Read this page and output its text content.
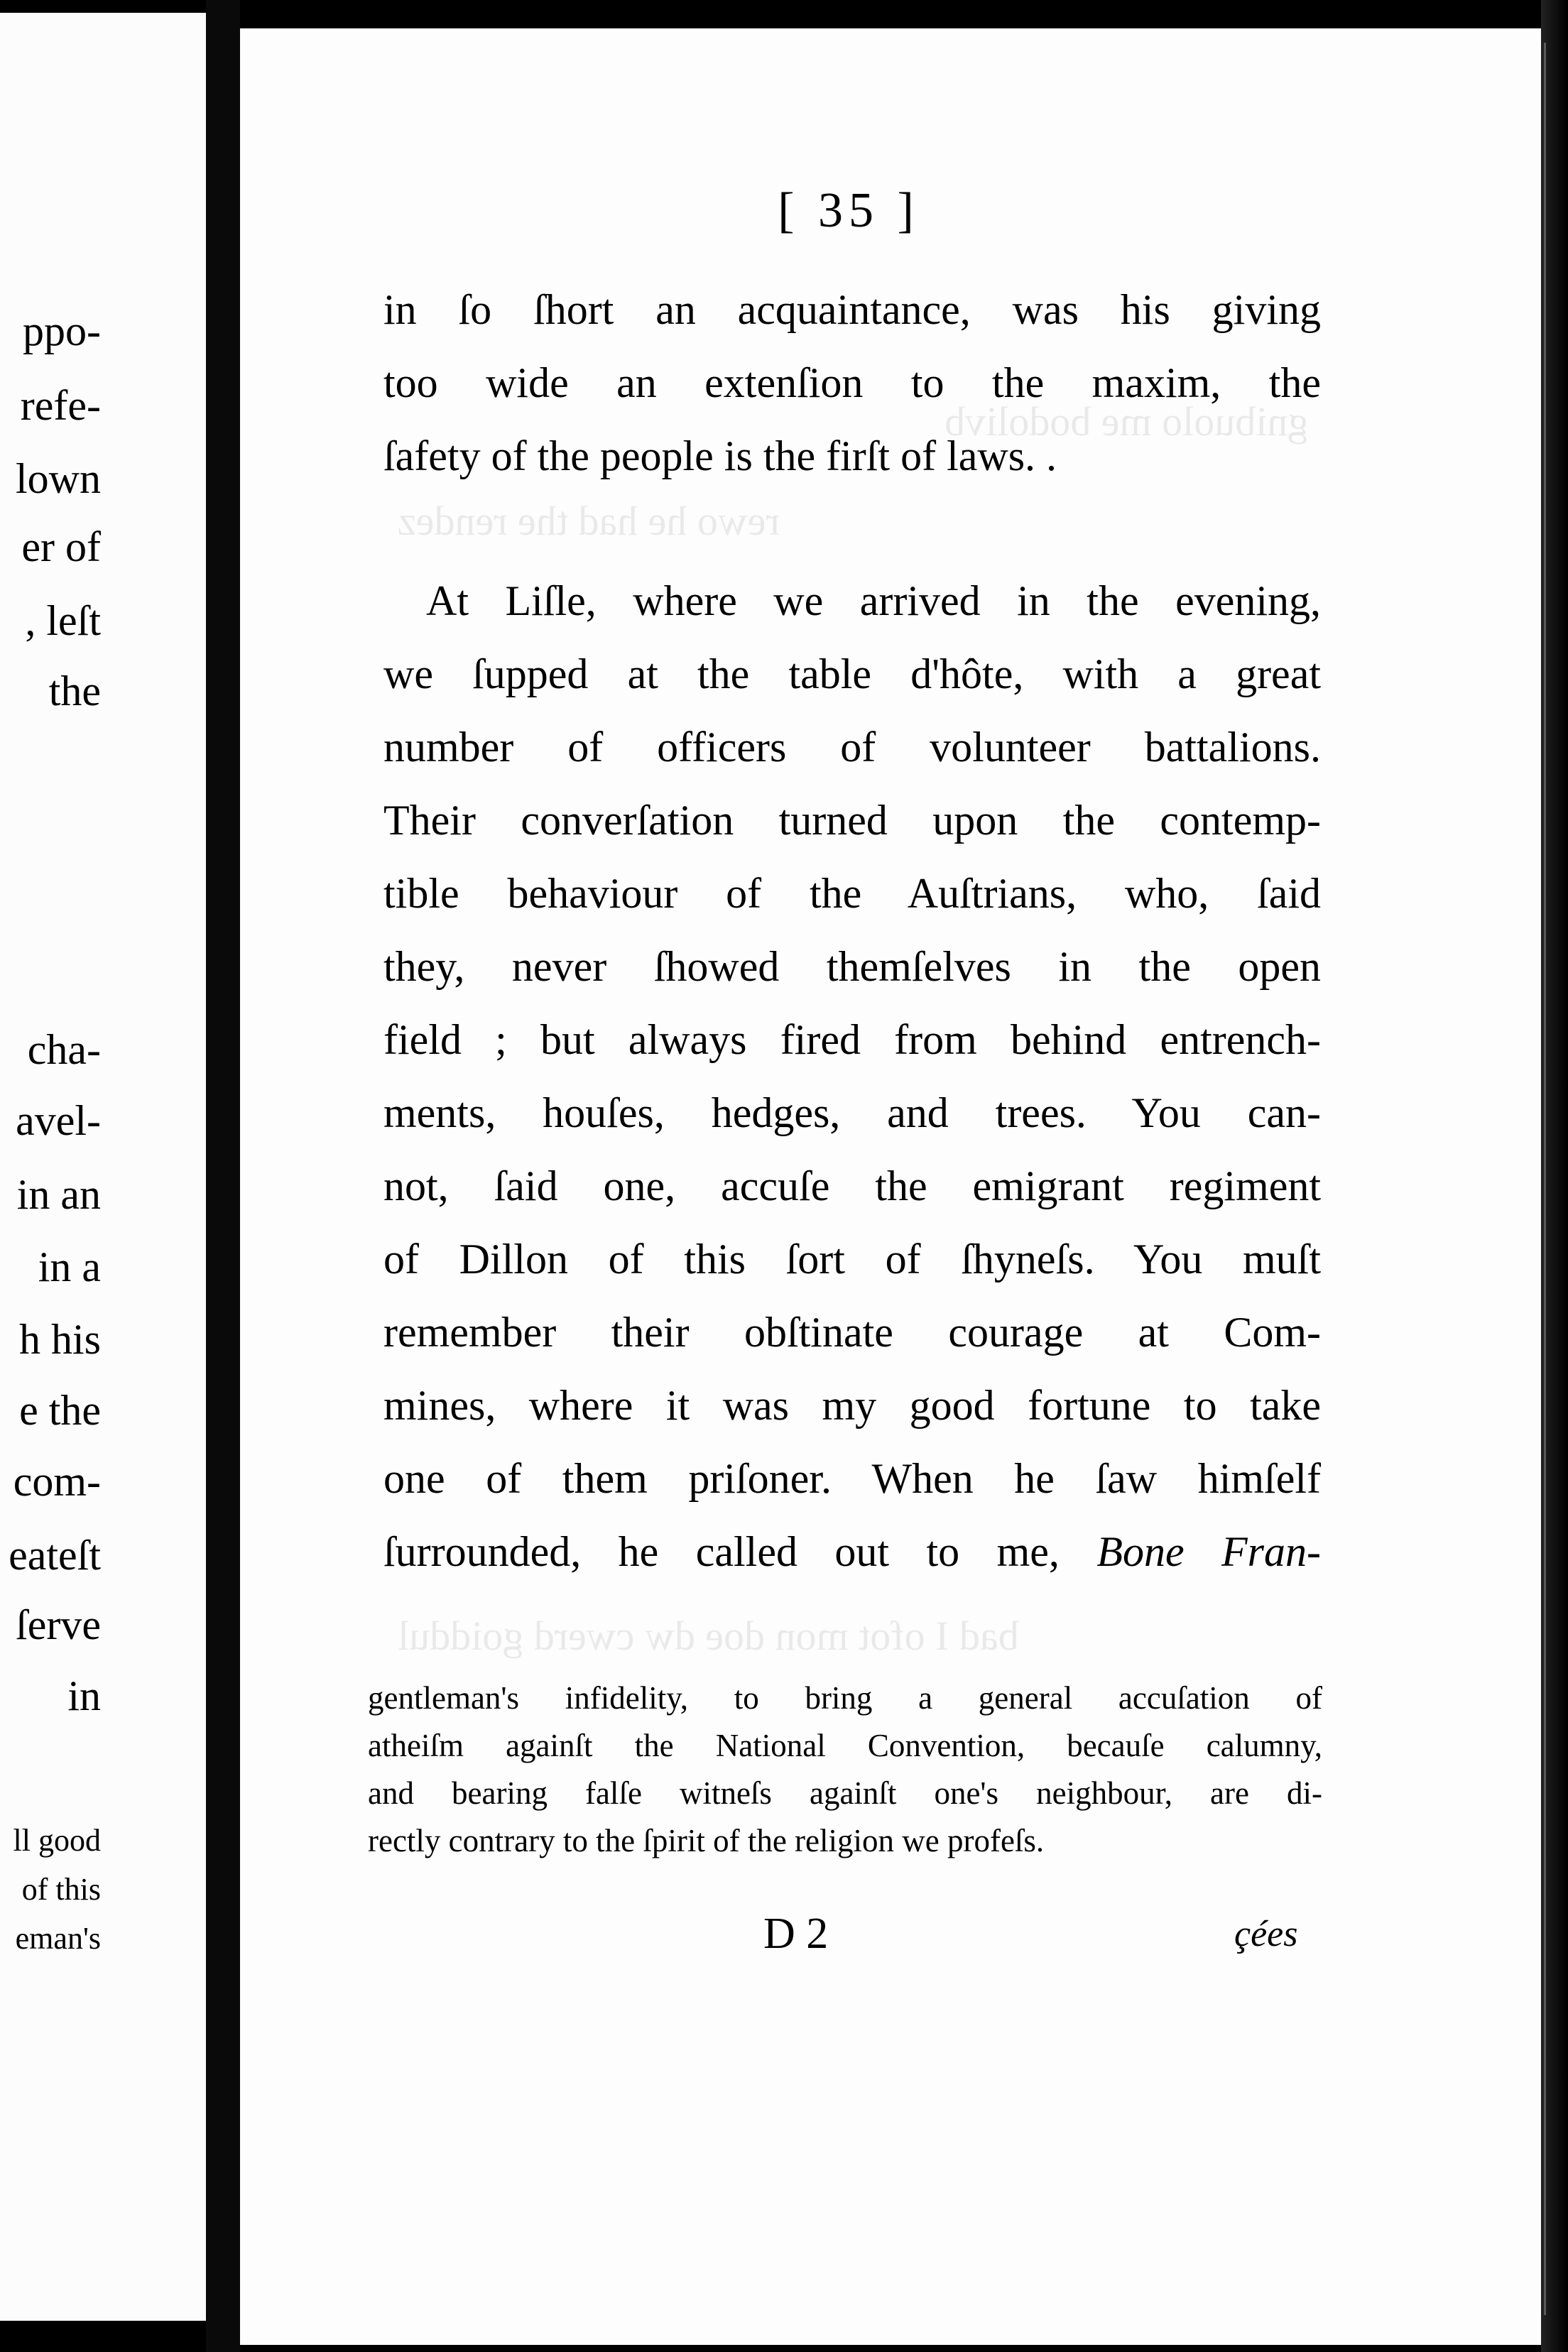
ppo-
refe-
lown
er of
, leſt
the
cha-
avel-
in an
in a
h his
e the
com-
eateſt
ſerve
in
ll good
of this
eman's
gnibuolo me bodolivb
rewo he had the rendez
bad I ofot mon doe dw cwerd goiddul
[ 35 ]
in ſo ſhort an acquaintance, was his giving
too wide an extenſion to the maxim, the
ſafety of the people is the firſt of laws. .
At Liſle, where we arrived in the evening,
we ſupped at the table d'hôte, with a great
number of officers of volunteer battalions.
Their converſation turned upon the contemp-
tible behaviour of the Auſtrians, who, ſaid
they, never ſhowed themſelves in the open
field ; but always fired from behind entrench-
ments, houſes, hedges, and trees. You can-
not, ſaid one, accuſe the emigrant regiment
of Dillon of this ſort of ſhyneſs. You muſt
remember their obſtinate courage at Com-
mines, where it was my good fortune to take
one of them priſoner. When he ſaw himſelf
ſurrounded, he called out to me, Bone Fran-
gentleman's infidelity, to bring a general accuſation of
atheiſm againſt the National Convention, becauſe calumny,
and bearing falſe witneſs againſt one's neighbour, are di-
rectly contrary to the ſpirit of the religion we profeſs.
D 2	çées
